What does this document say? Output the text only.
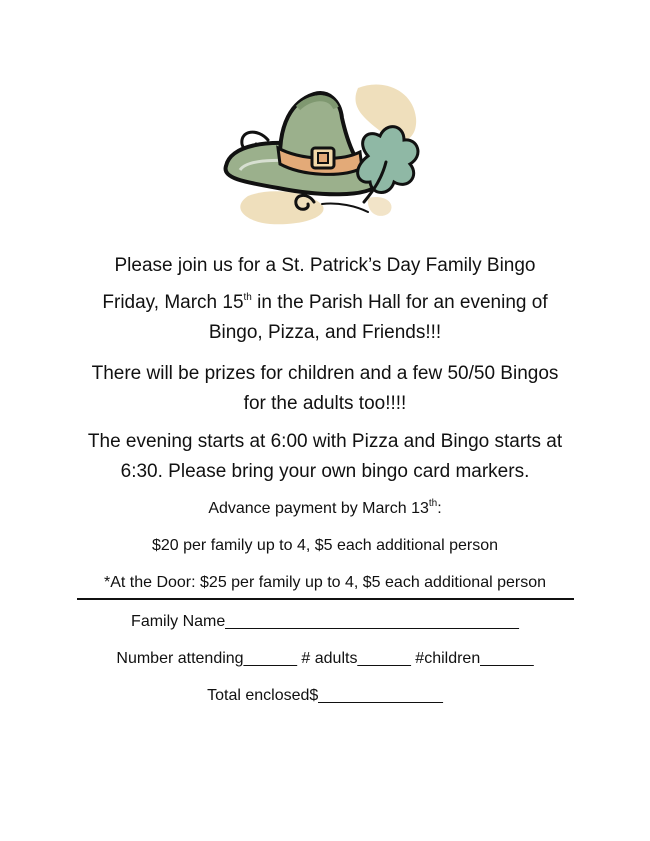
Please join us for a St. Patrick’s Day Family Bingo
Friday, March 15th in the Parish Hall for an evening of
Bingo, Pizza, and Friends!!!
There will be prizes for children and a few 50/50 Bingos
for the adults too!!!!
The evening starts at 6:00 with Pizza and Bingo starts at
6:30. Please bring your own bingo card markers.
Advance payment by March 13th:
$20 per family up to 4, $5 each additional person
*At the Door: $25 per family up to 4, $5 each additional person
Family Name_________________________________
Number attending______ # adults______ #children______
Total enclosed$______________
